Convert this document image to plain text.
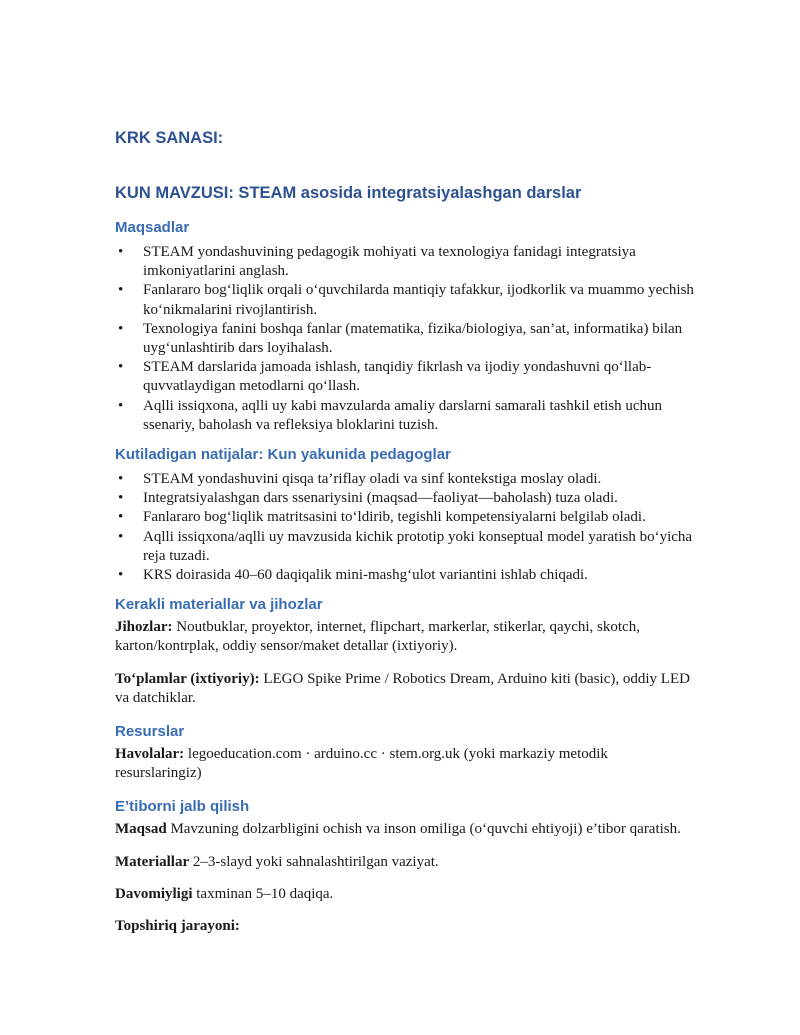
KRK SANASI:
KUN MAVZUSI: STEAM asosida integratsiyalashgan darslar
Maqsadlar
• STEAM yondashuvining pedagogik mohiyati va texnologiya fanidagi integratsiya imkoniyatlarini anglash.
• Fanlararo bogʻliqlik orqali oʻquvchilarda mantiqiy tafakkur, ijodkorlik va muammo yechish koʻnikmalarini rivojlantirish.
• Texnologiya fanini boshqa fanlar (matematika, fizika/biologiya, san’at, informatika) bilan uygʻunlashtirib dars loyihalash.
• STEAM darslarida jamoada ishlash, tanqidiy fikrlash va ijodiy yondashuvni qoʻllab-quvvatlaydigan metodlarni qoʻllash.
• Aqlli issiqxona, aqlli uy kabi mavzularda amaliy darslarni samarali tashkil etish uchun ssenariy, baholash va refleksiya bloklarini tuzish.
Kutiladigan natijalar: Kun yakunida pedagoglar
• STEAM yondashuvini qisqa ta’riflay oladi va sinf kontekstiga moslay oladi.
• Integratsiyalashgan dars ssenariysini (maqsad—faoliyat—baholash) tuza oladi.
• Fanlararo bogʻliqlik matritsasini toʻldirib, tegishli kompetensiyalarni belgilab oladi.
• Aqlli issiqxona/aqlli uy mavzusida kichik prototip yoki konseptual model yaratish boʻyicha reja tuzadi.
• KRS doirasida 40–60 daqiqalik mini-mashgʻulot variantini ishlab chiqadi.
Kerakli materiallar va jihozlar

Jihozlar: Noutbuklar, proyektor, internet, flipchart, markerlar, stikerlar, qaychi, skotch, karton/kontrplak, oddiy sensor/maket detallar (ixtiyoriy).

Toʻplamlar (ixtiyoriy): LEGO Spike Prime / Robotics Dream, Arduino kiti (basic), oddiy LED va datchiklar.

Resurslar

Havolalar: legoeducation.com · arduino.cc · stem.org.uk (yoki markaziy metodik resurslaringiz)

E’tiborni jalb qilish

Maqsad Mavzuning dolzarbligini ochish va inson omiliga (oʻquvchi ehtiyoji) e’tibor qaratish.

Materiallar 2–3-slayd yoki sahnalashtirilgan vaziyat.

Davomiyligi taxminan 5–10 daqiqa.

Topshiriq jarayoni:
